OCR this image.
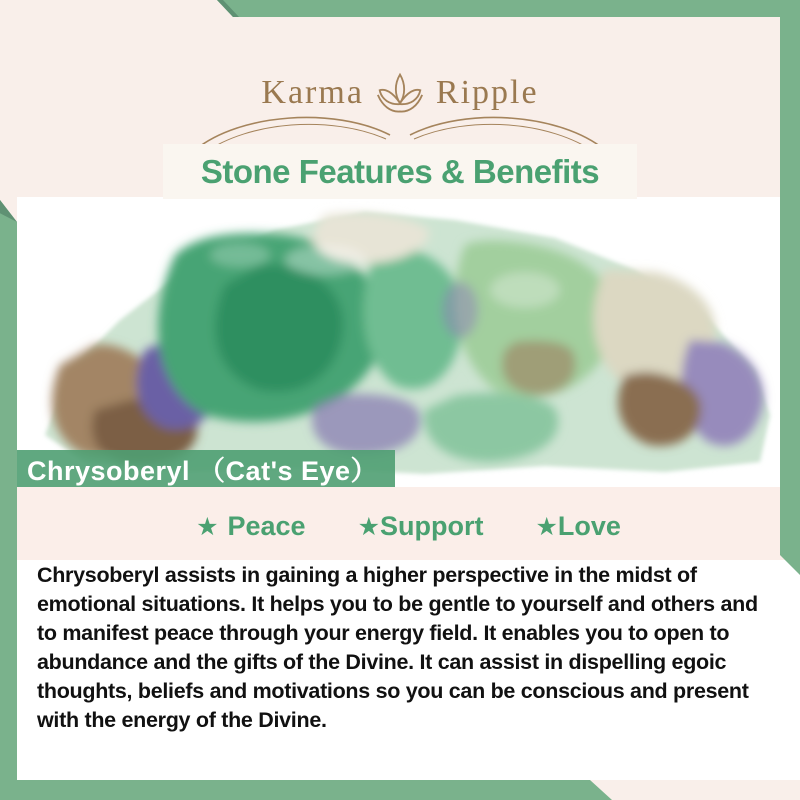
Karma Ripple
Stone Features & Benefits
Chrysoberyl （Cat's Eye）
★ Peace ★ Support ★ Love
Chrysoberyl assists in gaining a higher perspective in the midst of emotional situations. It helps you to be gentle to yourself and others and to manifest peace through your energy field. It enables you to open to abundance and the gifts of the Divine. It can assist in dispelling egoic thoughts, beliefs and motivations so you can be conscious and present with the energy of the Divine.
